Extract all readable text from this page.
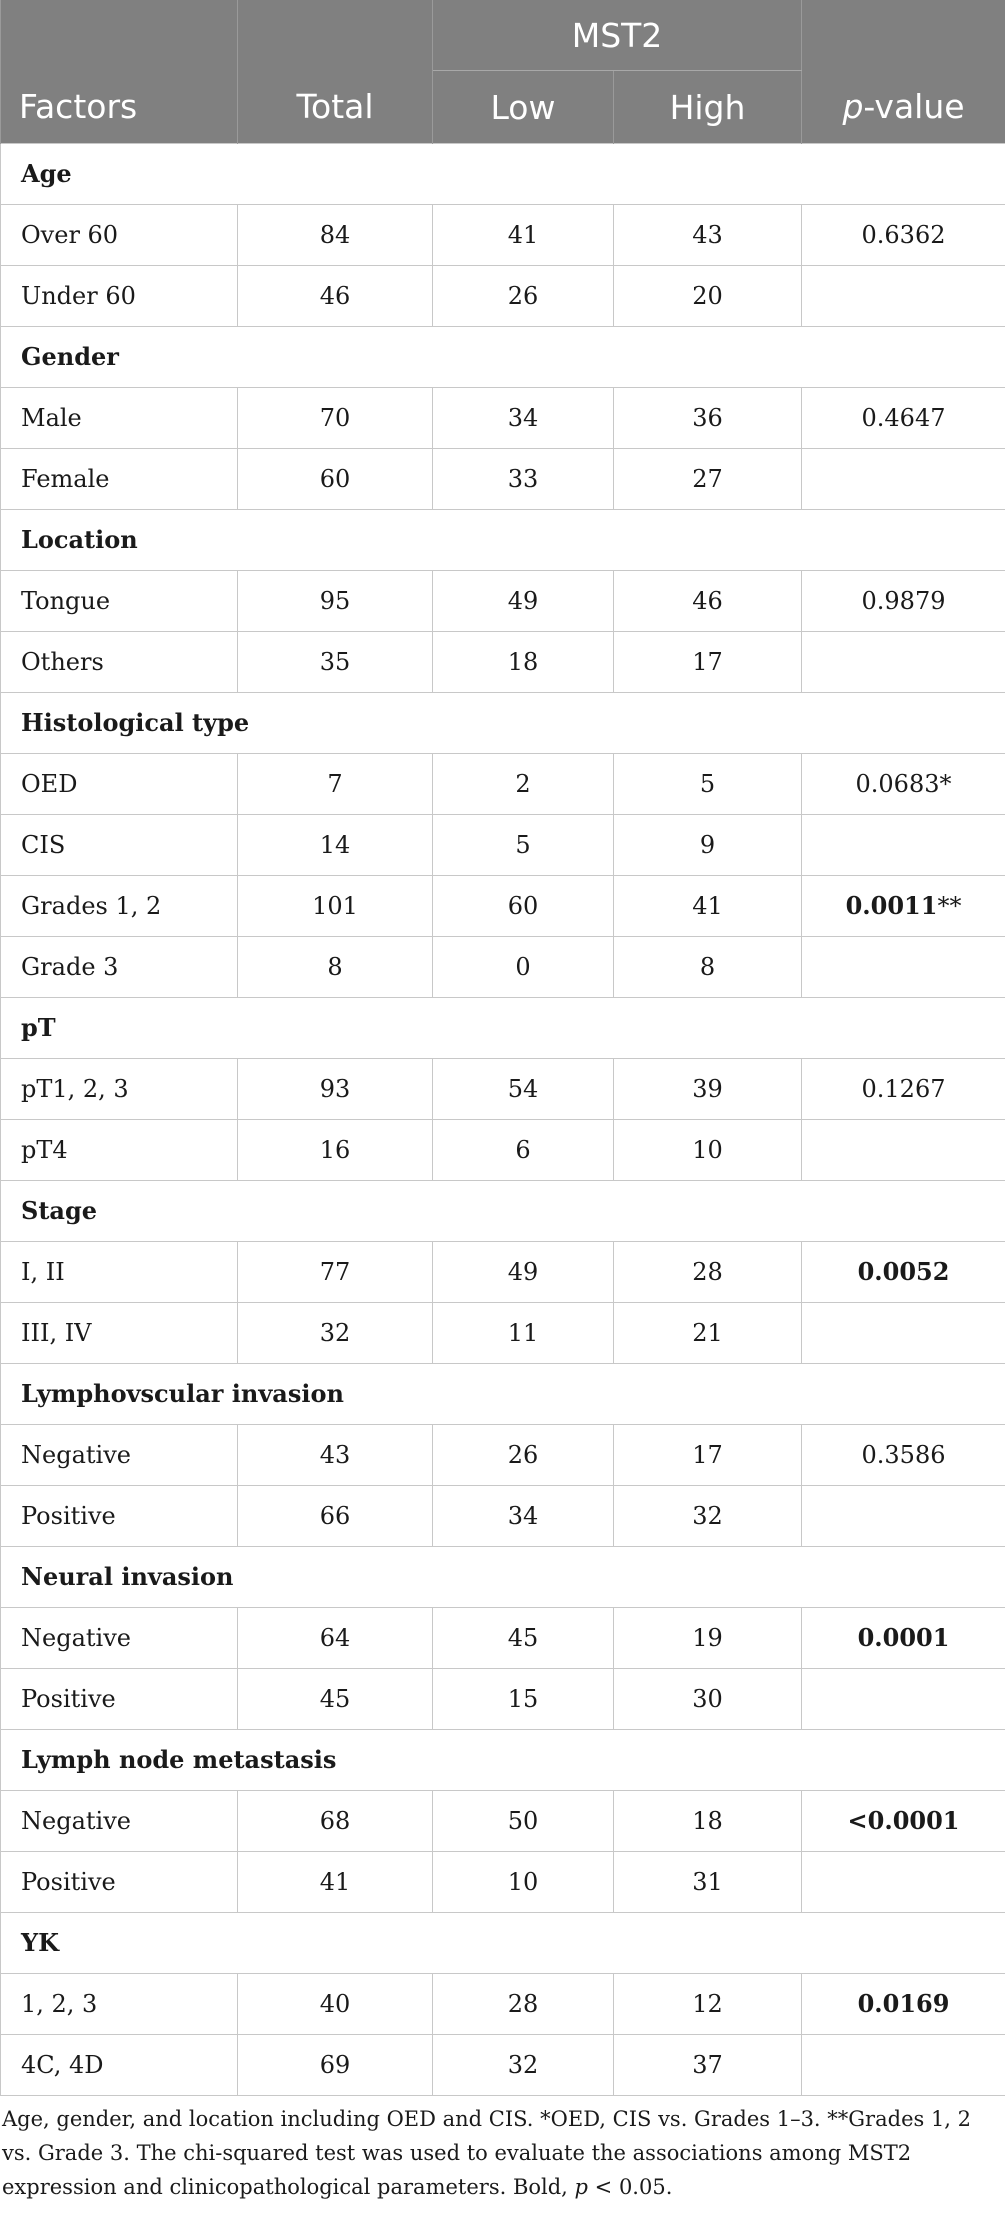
		MST2		
Factors	Total	Low	High	p-value
Age				
Over 60	84	41	43	0.6362
Under 60	46	26	20	
Gender				
Male	70	34	36	0.4647
Female	60	33	27	
Location				
Tongue	95	49	46	0.9879
Others	35	18	17	
Histological type				
OED	7	2	5	0.0683*
CIS	14	5	9	
Grades 1, 2	101	60	41	0.0011**
Grade 3	8	0	8	
pT				
pT1, 2, 3	93	54	39	0.1267
pT4	16	6	10	
Stage				
I, II	77	49	28	0.0052
III, IV	32	11	21	
Lymphovscular invasion				
Negative	43	26	17	0.3586
Positive	66	34	32	
Neural invasion				
Negative	64	45	19	0.0001
Positive	45	15	30	
Lymph node metastasis				
Negative	68	50	18	<0.0001
Positive	41	10	31	
YK				
1, 2, 3	40	28	12	0.0169
4C, 4D	69	32	37	
Age, gender, and location including OED and CIS. *OED, CIS vs. Grades 1–3. **Grades 1, 2 vs. Grade 3. The chi-squared test was used to evaluate the associations among MST2 expression and clinicopathological parameters. Bold, p < 0.05.
